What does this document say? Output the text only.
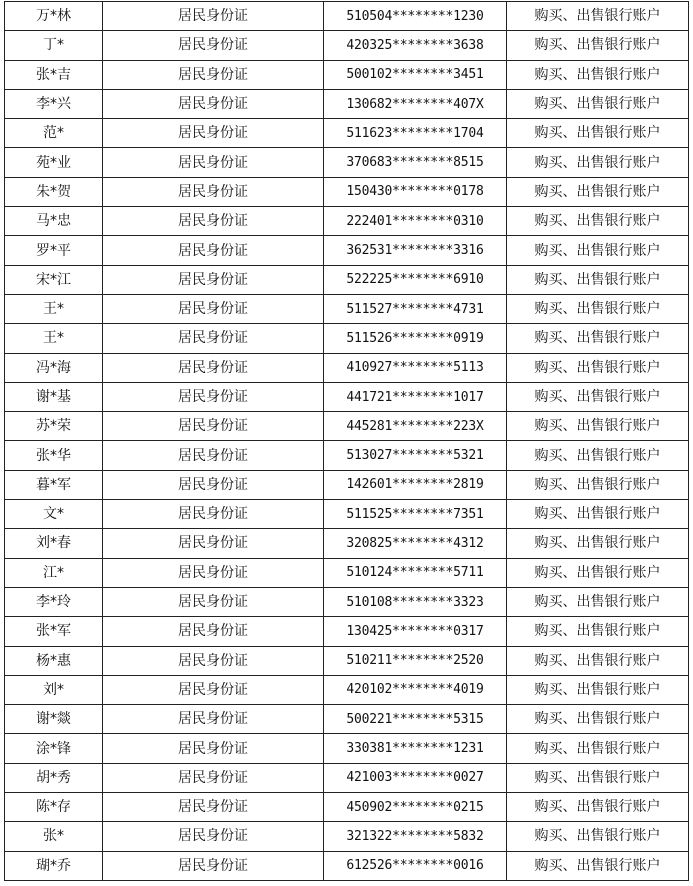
万*林	居民身份证	510504********1230	购买、出售银行账户
丁*	居民身份证	420325********3638	购买、出售银行账户
张*吉	居民身份证	500102********3451	购买、出售银行账户
李*兴	居民身份证	130682********407X	购买、出售银行账户
范*	居民身份证	511623********1704	购买、出售银行账户
苑*业	居民身份证	370683********8515	购买、出售银行账户
朱*贺	居民身份证	150430********0178	购买、出售银行账户
马*忠	居民身份证	222401********0310	购买、出售银行账户
罗*平	居民身份证	362531********3316	购买、出售银行账户
宋*江	居民身份证	522225********6910	购买、出售银行账户
王*	居民身份证	511527********4731	购买、出售银行账户
王*	居民身份证	511526********0919	购买、出售银行账户
冯*海	居民身份证	410927********5113	购买、出售银行账户
谢*基	居民身份证	441721********1017	购买、出售银行账户
苏*荣	居民身份证	445281********223X	购买、出售银行账户
张*华	居民身份证	513027********5321	购买、出售银行账户
暮*军	居民身份证	142601********2819	购买、出售银行账户
文*	居民身份证	511525********7351	购买、出售银行账户
刘*春	居民身份证	320825********4312	购买、出售银行账户
江*	居民身份证	510124********5711	购买、出售银行账户
李*玲	居民身份证	510108********3323	购买、出售银行账户
张*军	居民身份证	130425********0317	购买、出售银行账户
杨*惠	居民身份证	510211********2520	购买、出售银行账户
刘*	居民身份证	420102********4019	购买、出售银行账户
谢*燚	居民身份证	500221********5315	购买、出售银行账户
涂*锋	居民身份证	330381********1231	购买、出售银行账户
胡*秀	居民身份证	421003********0027	购买、出售银行账户
陈*存	居民身份证	450902********0215	购买、出售银行账户
张*	居民身份证	321322********5832	购买、出售银行账户
瑚*乔	居民身份证	612526********0016	购买、出售银行账户
